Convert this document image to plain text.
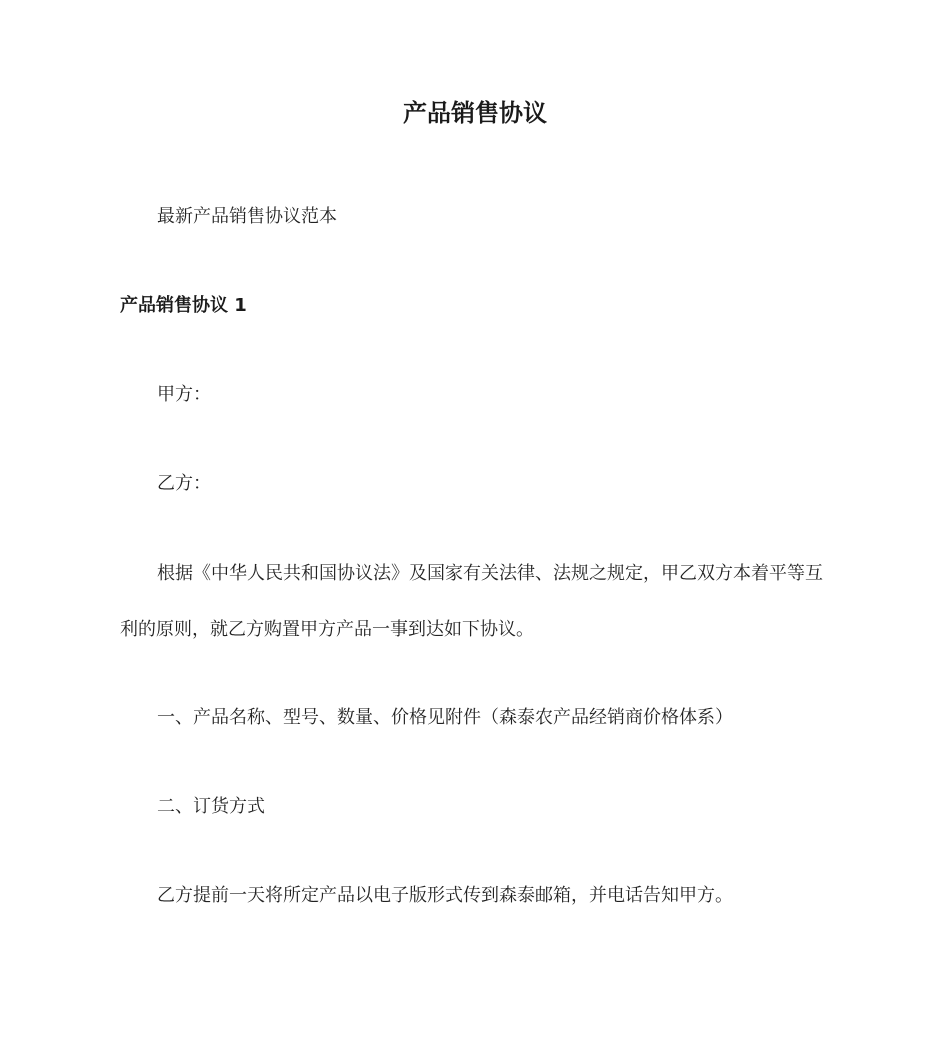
产品销售协议
最新产品销售协议范本
产品销售协议 1
甲方：
乙方：
根据《中华人民共和国协议法》及国家有关法律、法规之规定，甲乙双方本着平等互
利的原则，就乙方购置甲方产品一事到达如下协议。
一、产品名称、型号、数量、价格见附件（森泰农产品经销商价格体系）
二、订货方式
乙方提前一天将所定产品以电子版形式传到森泰邮箱，并电话告知甲方。
